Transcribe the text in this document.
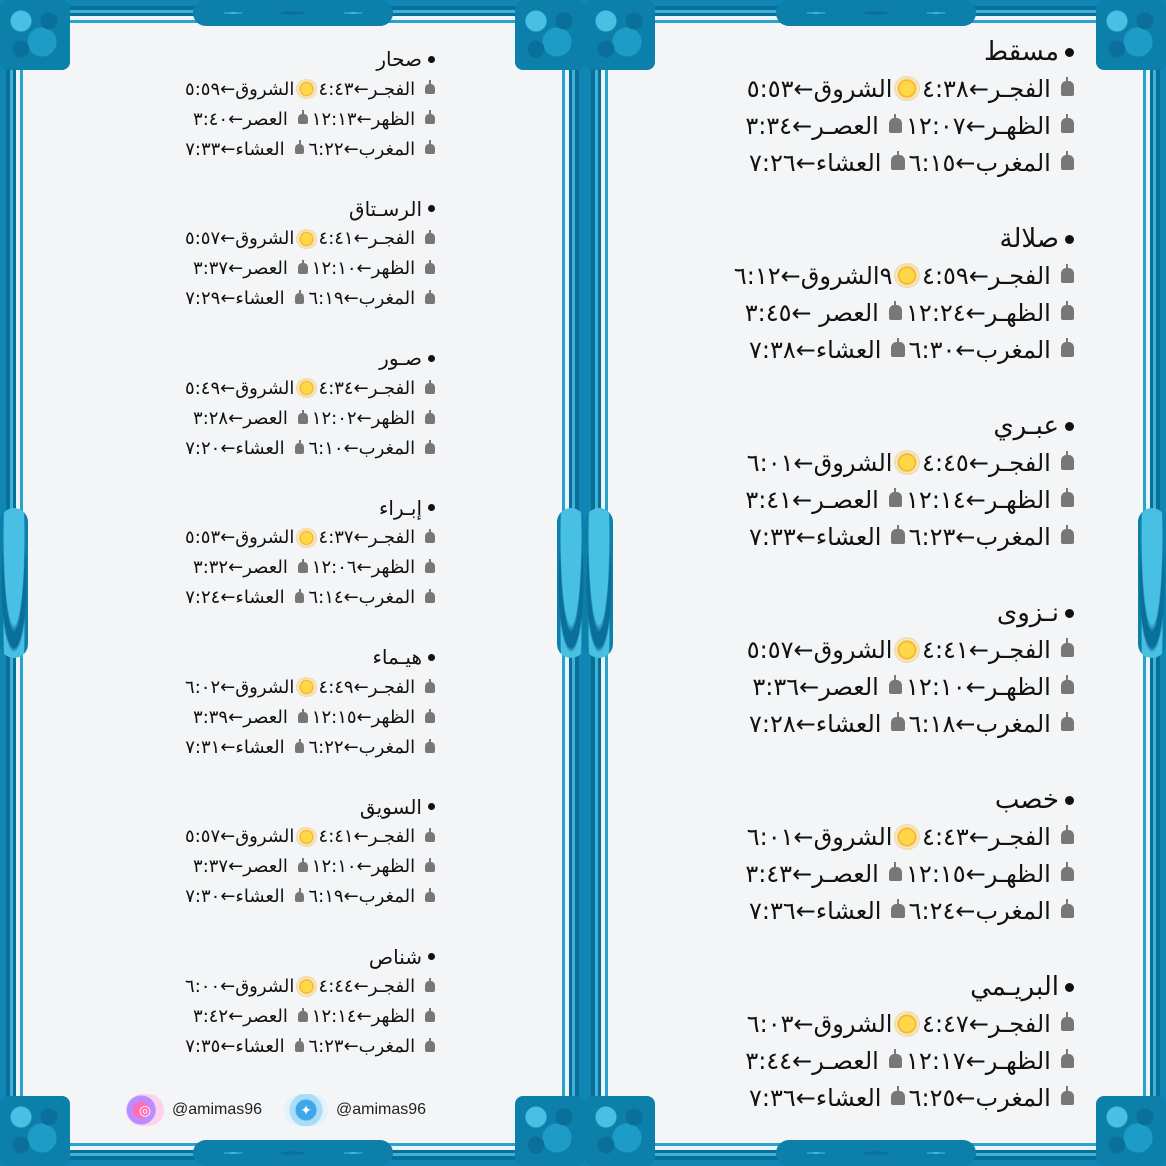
صحار
الفجـر←٤:٤٣
الشروق←٥:٥٩
الظهر←١٢:١٣
العصر←٣:٤٠
المغرب←٦:٢٢
العشاء←٧:٣٣
الرسـتاق
الفجـر←٤:٤١
الشروق←٥:٥٧
الظهر←١٢:١٠
العصر←٣:٣٧
المغرب←٦:١٩
العشاء←٧:٢٩
صـور
الفجـر←٤:٣٤
الشروق←٥:٤٩
الظهر←١٢:٠٢
العصر←٣:٢٨
المغرب←٦:١٠
العشاء←٧:٢٠
إبـراء
الفجـر←٤:٣٧
الشروق←٥:٥٣
الظهر←١٢:٠٦
العصر←٣:٣٢
المغرب←٦:١٤
العشاء←٧:٢٤
هيـماء
الفجـر←٤:٤٩
الشروق←٦:٠٢
الظهر←١٢:١٥
العصر←٣:٣٩
المغرب←٦:٢٢
العشاء←٧:٣١
السويق
الفجـر←٤:٤١
الشروق←٥:٥٧
الظهر←١٢:١٠
العصر←٣:٣٧
المغرب←٦:١٩
العشاء←٧:٣٠
شناص
الفجـر←٤:٤٤
الشروق←٦:٠٠
الظهر←١٢:١٤
العصر←٣:٤٢
المغرب←٦:٢٣
العشاء←٧:٣٥
◎	@amimas96	✦	@amimas96
مسقط
الفجـر←٤:٣٨
الشروق←٥:٥٣
الظهـر←١٢:٠٧
العصـر←٣:٣٤
المغرب←٦:١٥
العشاء←٧:٢٦
صلالة
الفجـر←٤:٥٩
٩الشروق←٦:١٢
الظهـر←١٢:٢٤
العصر ←٣:٤٥
المغرب←٦:٣٠
العشاء←٧:٣٨
عبـري
الفجـر←٤:٤٥
الشروق←٦:٠١
الظهـر←١٢:١٤
العصـر←٣:٤١
المغرب←٦:٢٣
العشاء←٧:٣٣
نـزوى
الفجـر←٤:٤١
الشروق←٥:٥٧
الظهـر←١٢:١٠
العصر←٣:٣٦
المغرب←٦:١٨
العشاء←٧:٢٨
خصب
الفجـر←٤:٤٣
الشروق←٦:٠١
الظهـر←١٢:١٥
العصـر←٣:٤٣
المغرب←٦:٢٤
العشاء←٧:٣٦
البريـمي
الفجـر←٤:٤٧
الشروق←٦:٠٣
الظهـر←١٢:١٧
العصـر←٣:٤٤
المغرب←٦:٢٥
العشاء←٧:٣٦
